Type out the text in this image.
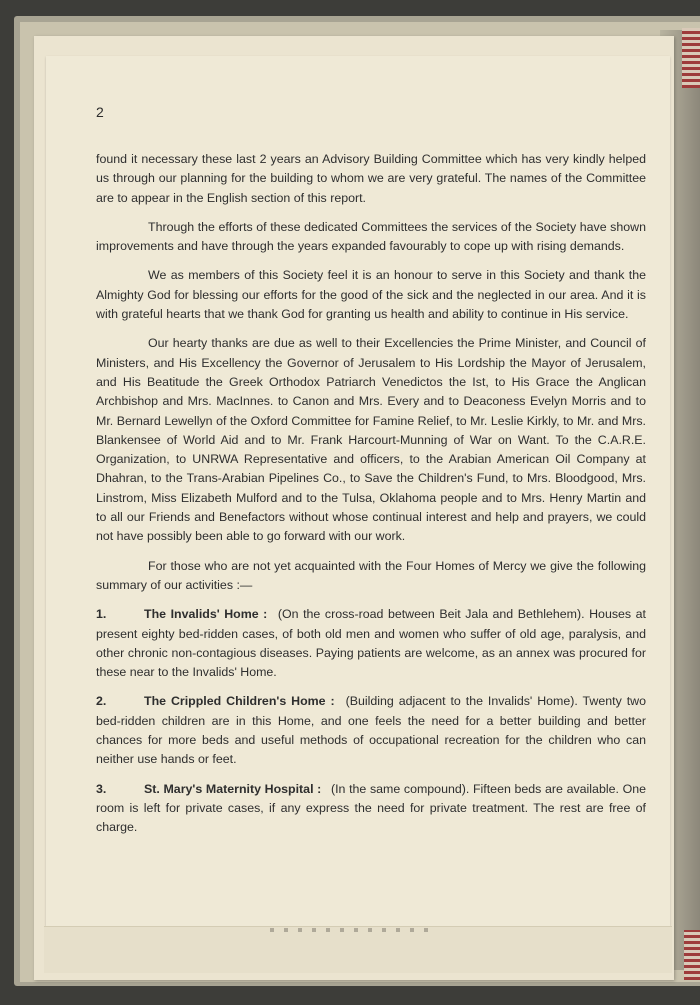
2

found it necessary these last 2 years an Advisory Building Committee which has very kindly helped us through our planning for the building to whom we are very grateful. The names of the Committee are to appear in the English section of this report.

Through the efforts of these dedicated Committees the services of the Society have shown improvements and have through the years expanded favourably to cope up with rising demands.

We as members of this Society feel it is an honour to serve in this Society and thank the Almighty God for blessing our efforts for the good of the sick and the neglected in our area. And it is with grateful hearts that we thank God for granting us health and ability to continue in His service.

Our hearty thanks are due as well to their Excellencies the Prime Minister, and Council of Ministers, and His Excellency the Governor of Jerusalem to His Lordship the Mayor of Jerusalem, and His Beatitude the Greek Orthodox Patriarch Venedictos the Ist, to His Grace the Anglican Archbishop and Mrs. MacInnes. to Canon and Mrs. Every and to Deaconess Evelyn Morris and to Mr. Bernard Lewellyn of the Oxford Committee for Famine Relief, to Mr. Leslie Kirkly, to Mr. and Mrs. Blankensee of World Aid and to Mr. Frank Harcourt-Munning of War on Want. To the C.A.R.E. Organization, to UNRWA Representative and officers, to the Arabian American Oil Company at Dhahran, to the Trans-Arabian Pipelines Co., to Save the Children's Fund, to Mrs. Bloodgood, Mrs. Linstrom, Miss Elizabeth Mulford and to the Tulsa, Oklahoma people and to Mrs. Henry Martin and to all our Friends and Benefactors without whose continual interest and help and prayers, we could not have possibly been able to go forward with our work.

For those who are not yet acquainted with the Four Homes of Mercy we give the following summary of our activities :—

1.	The Invalids' Home : (On the cross-road between Beit Jala and Bethlehem). Houses at present eighty bed-ridden cases, of both old men and women who suffer of old age, paralysis, and other chronic non-contagious diseases. Paying patients are welcome, as an annex was procured for these near to the Invalids' Home.
2.	The Crippled Children's Home : (Building adjacent to the Invalids' Home). Twenty two bed-ridden children are in this Home, and one feels the need for a better building and better chances for more beds and useful methods of occupational recreation for the children who can neither use hands or feet.
3.	St. Mary's Maternity Hospital : (In the same compound). Fifteen beds are available. One room is left for private cases, if any express the need for private treatment. The rest are free of charge.
